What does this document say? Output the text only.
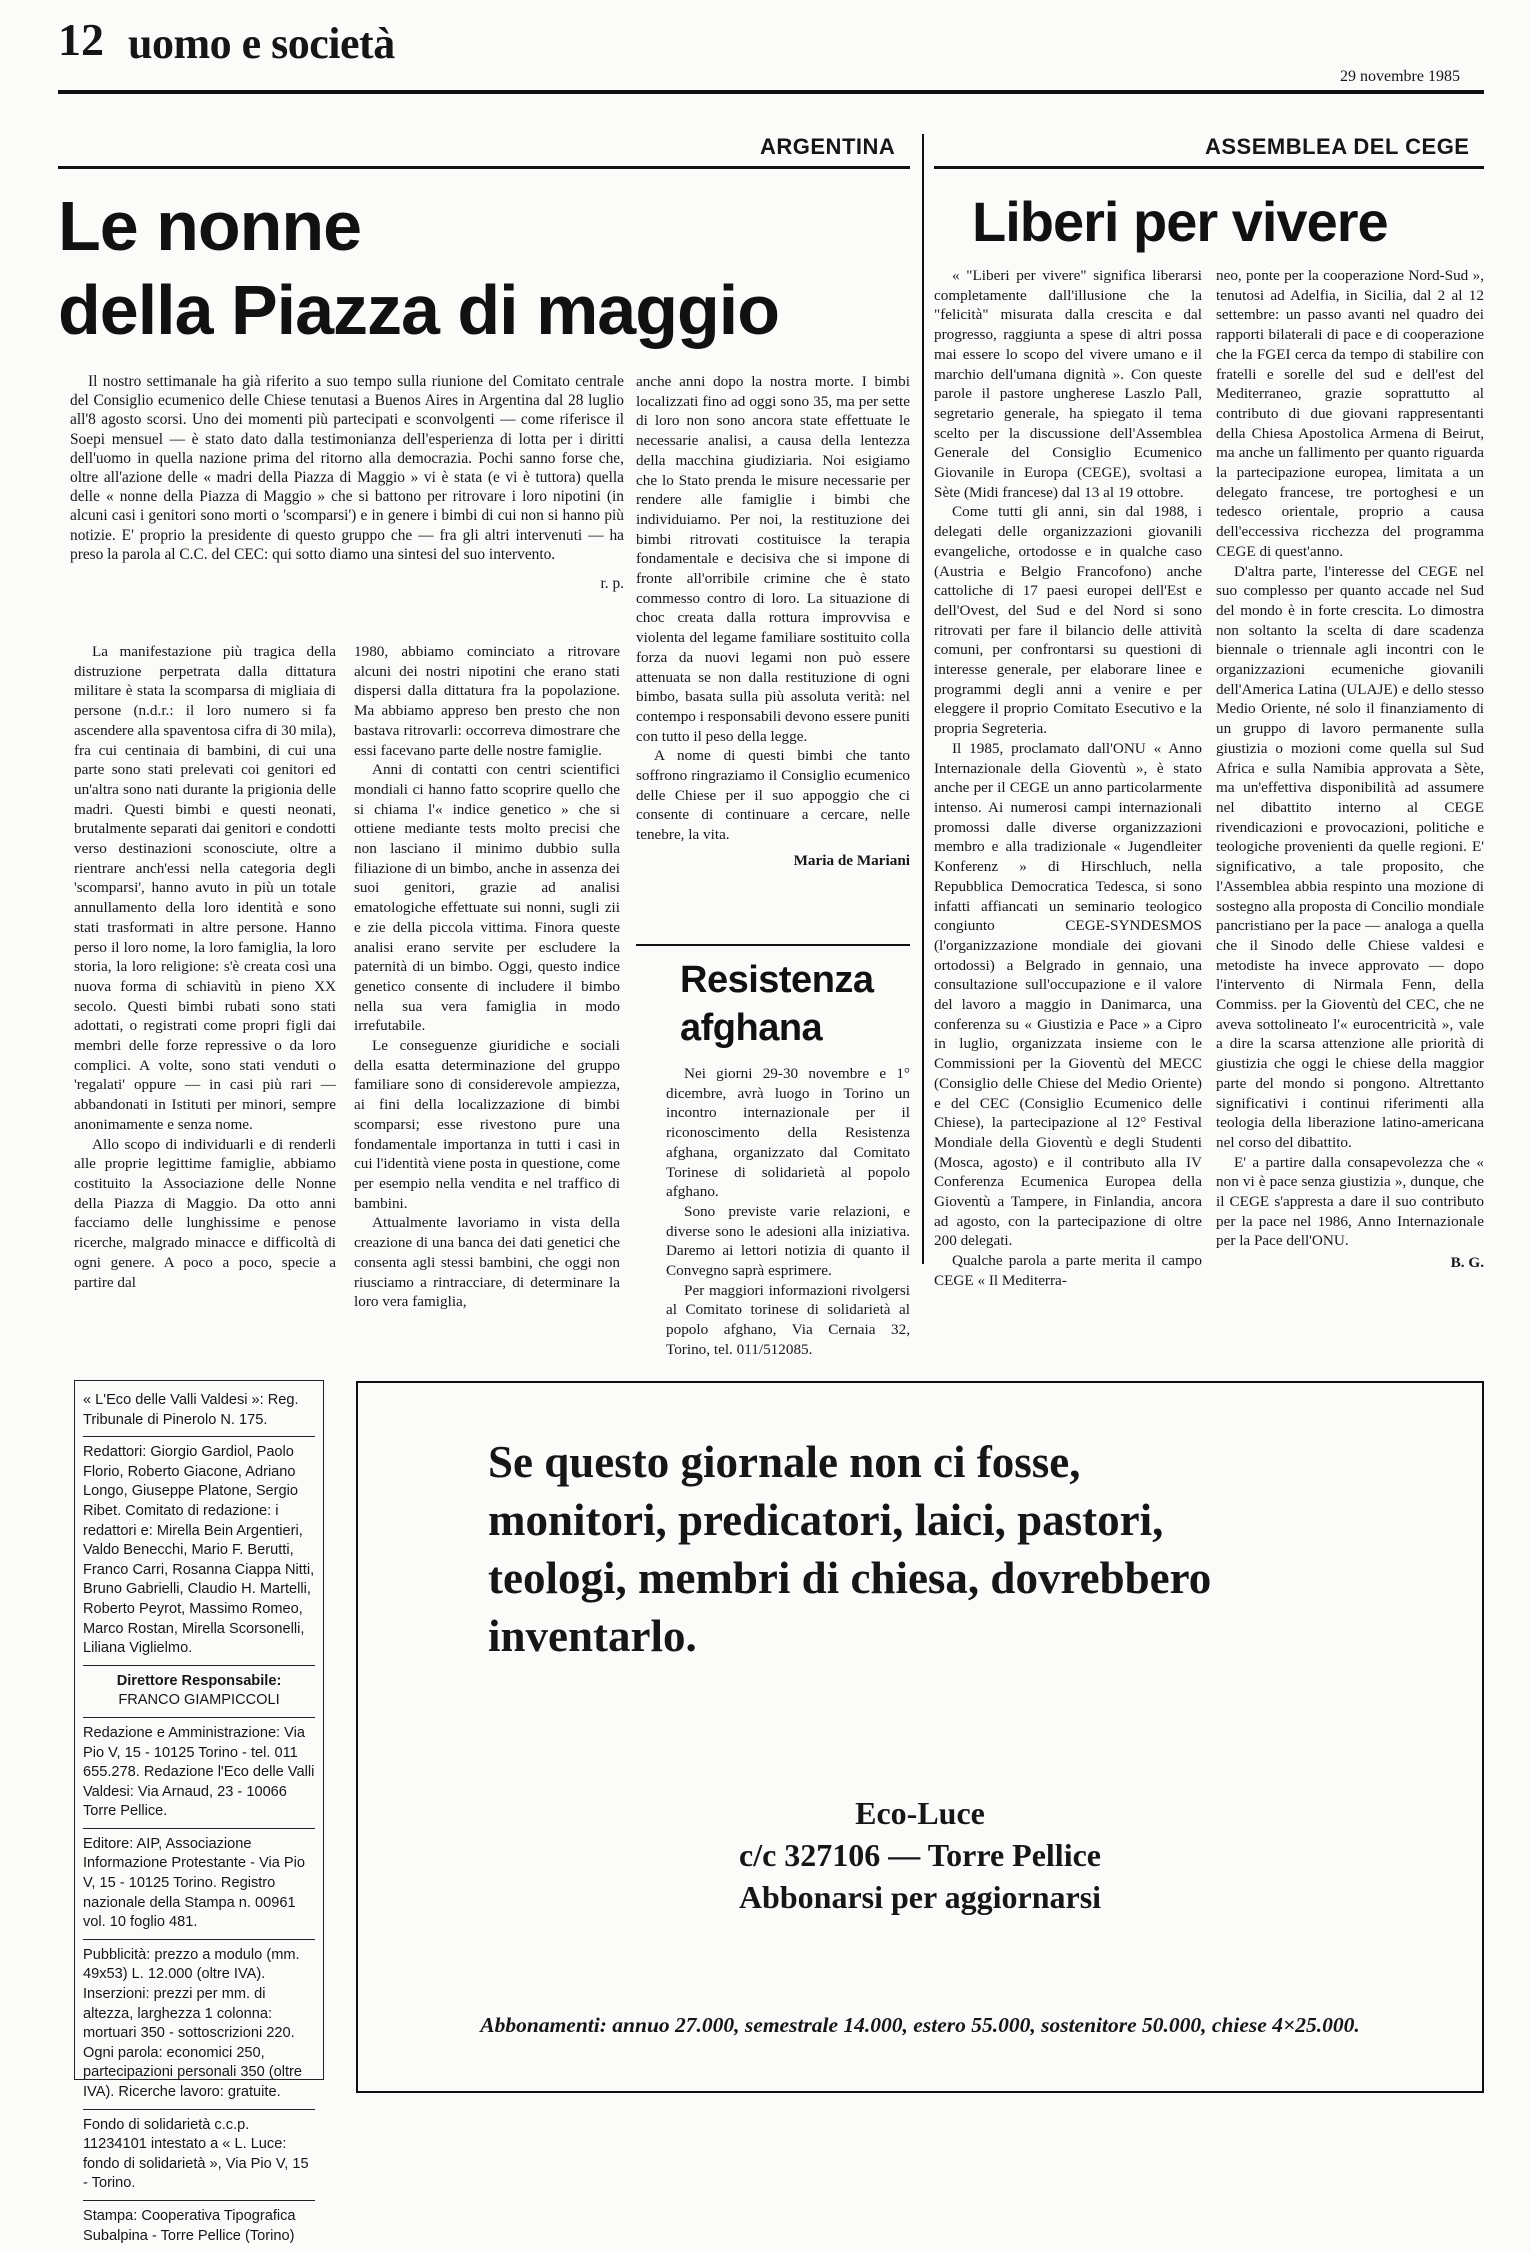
12 uomo e società
29 novembre 1985
ARGENTINA
Le nonne
della Piazza di maggio

Il nostro settimanale ha già riferito a suo tempo sulla riunione del Comitato centrale del Consiglio ecumenico delle Chiese tenutasi a Buenos Aires in Argentina dal 28 luglio all'8 agosto scorsi. Uno dei momenti più partecipati e sconvolgenti — come riferisce il Soepi mensuel — è stato dato dalla testimonianza dell'esperienza di lotta per i diritti dell'uomo in quella nazione prima del ritorno alla democrazia. Pochi sanno forse che, oltre all'azione delle « madri della Piazza di Maggio » vi è stata (e vi è tuttora) quella delle « nonne della Piazza di Maggio » che si battono per ritrovare i loro nipotini (in alcuni casi i genitori sono morti o 'scomparsi') e in genere i bimbi di cui non si hanno più notizie. E' proprio la presidente di questo gruppo che — fra gli altri intervenuti — ha preso la parola al C.C. del CEC: qui sotto diamo una sintesi del suo intervento.

r. p.

La manifestazione più tragica della distruzione perpetrata dalla dittatura militare è stata la scomparsa di migliaia di persone (n.d.r.: il loro numero si fa ascendere alla spaventosa cifra di 30 mila), fra cui centinaia di bambini, di cui una parte sono stati prelevati coi genitori ed un'altra sono nati durante la prigionia delle madri. Questi bimbi e questi neonati, brutalmente separati dai genitori e condotti verso destinazioni sconosciute, oltre a rientrare anch'essi nella categoria degli 'scomparsi', hanno avuto in più un totale annullamento della loro identità e sono stati trasformati in altre persone. Hanno perso il loro nome, la loro famiglia, la loro storia, la loro religione: s'è creata così una nuova forma di schiavitù in pieno XX secolo. Questi bimbi rubati sono stati adottati, o registrati come propri figli dai membri delle forze repressive o da loro complici. A volte, sono stati venduti o 'regalati' oppure — in casi più rari — abbandonati in Istituti per minori, sempre anonimamente e senza nome.

Allo scopo di individuarli e di renderli alle proprie legittime famiglie, abbiamo costituito la Associazione delle Nonne della Piazza di Maggio. Da otto anni facciamo delle lunghissime e penose ricerche, malgrado minacce e difficoltà di ogni genere. A poco a poco, specie a partire dal

1980, abbiamo cominciato a ritrovare alcuni dei nostri nipotini che erano stati dispersi dalla dittatura fra la popolazione. Ma abbiamo appreso ben presto che non bastava ritrovarli: occorreva dimostrare che essi facevano parte delle nostre famiglie.

Anni di contatti con centri scientifici mondiali ci hanno fatto scoprire quello che si chiama l'« indice genetico » che si ottiene mediante tests molto precisi che non lasciano il minimo dubbio sulla filiazione di un bimbo, anche in assenza dei suoi genitori, grazie ad analisi ematologiche effettuate sui nonni, sugli zii e zie della piccola vittima. Finora queste analisi erano servite per escludere la paternità di un bimbo. Oggi, questo indice genetico consente di includere il bimbo nella sua vera famiglia in modo irrefutabile.

Le conseguenze giuridiche e sociali della esatta determinazione del gruppo familiare sono di considerevole ampiezza, ai fini della localizzazione di bimbi scomparsi; esse rivestono pure una fondamentale importanza in tutti i casi in cui l'identità viene posta in questione, come per esempio nella vendita e nel traffico di bambini.

Attualmente lavoriamo in vista della creazione di una banca dei dati genetici che consenta agli stessi bambini, che oggi non riusciamo a rintracciare, di determinare la loro vera famiglia,

anche anni dopo la nostra morte. I bimbi localizzati fino ad oggi sono 35, ma per sette di loro non sono ancora state effettuate le necessarie analisi, a causa della lentezza della macchina giudiziaria. Noi esigiamo che lo Stato prenda le misure necessarie per rendere alle famiglie i bimbi che individuiamo. Per noi, la restituzione dei bimbi ritrovati costituisce la terapia fondamentale e decisiva che si impone di fronte all'orribile crimine che è stato commesso contro di loro. La situazione di choc creata dalla rottura improvvisa e violenta del legame familiare sostituito colla forza da nuovi legami non può essere attenuata se non dalla restituzione di ogni bimbo, basata sulla più assoluta verità: nel contempo i responsabili devono essere puniti con tutto il peso della legge.

A nome di questi bimbi che tanto soffrono ringraziamo il Consiglio ecumenico delle Chiese per il suo appoggio che ci consente di continuare a cercare, nelle tenebre, la vita.

Maria de Mariani
Resistenza
afghana

Nei giorni 29-30 novembre e 1° dicembre, avrà luogo in Torino un incontro internazionale per il riconoscimento della Resistenza afghana, organizzato dal Comitato Torinese di solidarietà al popolo afghano.

Sono previste varie relazioni, e diverse sono le adesioni alla iniziativa. Daremo ai lettori notizia di quanto il Convegno saprà esprimere.

Per maggiori informazioni rivolgersi al Comitato torinese di solidarietà al popolo afghano, Via Cernaia 32, Torino, tel. 011/512085.

ASSEMBLEA DEL CEGE
Liberi per vivere

« "Liberi per vivere" significa liberarsi completamente dall'illusione che la "felicità" misurata dalla crescita e dal progresso, raggiunta a spese di altri possa mai essere lo scopo del vivere umano e il marchio dell'umana dignità ». Con queste parole il pastore ungherese Laszlo Pall, segretario generale, ha spiegato il tema scelto per la discussione dell'Assemblea Generale del Consiglio Ecumenico Giovanile in Europa (CEGE), svoltasi a Sète (Midi francese) dal 13 al 19 ottobre.

Come tutti gli anni, sin dal 1988, i delegati delle organizzazioni giovanili evangeliche, ortodosse e in qualche caso (Austria e Belgio Francofono) anche cattoliche di 17 paesi europei dell'Est e dell'Ovest, del Sud e del Nord si sono ritrovati per fare il bilancio delle attività comuni, per confrontarsi su questioni di interesse generale, per elaborare linee e programmi degli anni a venire e per eleggere il proprio Comitato Esecutivo e la propria Segreteria.

Il 1985, proclamato dall'ONU « Anno Internazionale della Gioventù », è stato anche per il CEGE un anno particolarmente intenso. Ai numerosi campi internazionali promossi dalle diverse organizzazioni membro e alla tradizionale « Jugendleiter Konferenz » di Hirschluch, nella Repubblica Democratica Tedesca, si sono infatti affiancati un seminario teologico congiunto CEGE-SYNDESMOS (l'organizzazione mondiale dei giovani ortodossi) a Belgrado in gennaio, una consultazione sull'occupazione e il valore del lavoro a maggio in Danimarca, una conferenza su « Giustizia e Pace » a Cipro in luglio, organizzata insieme con le Commissioni per la Gioventù del MECC (Consiglio delle Chiese del Medio Oriente) e del CEC (Consiglio Ecumenico delle Chiese), la partecipazione al 12° Festival Mondiale della Gioventù e degli Studenti (Mosca, agosto) e il contributo alla IV Conferenza Ecumenica Europea della Gioventù a Tampere, in Finlandia, ancora ad agosto, con la partecipazione di oltre 200 delegati.

Qualche parola a parte merita il campo CEGE « Il Mediterra-

neo, ponte per la cooperazione Nord-Sud », tenutosi ad Adelfia, in Sicilia, dal 2 al 12 settembre: un passo avanti nel quadro dei rapporti bilaterali di pace e di cooperazione che la FGEI cerca da tempo di stabilire con fratelli e sorelle del sud e dell'est del Mediterraneo, grazie soprattutto al contributo di due giovani rappresentanti della Chiesa Apostolica Armena di Beirut, ma anche un fallimento per quanto riguarda la partecipazione europea, limitata a un delegato francese, tre portoghesi e un tedesco orientale, proprio a causa dell'eccessiva ricchezza del programma CEGE di quest'anno.

D'altra parte, l'interesse del CEGE nel suo complesso per quanto accade nel Sud del mondo è in forte crescita. Lo dimostra non soltanto la scelta di dare scadenza biennale o triennale agli incontri con le organizzazioni ecumeniche giovanili dell'America Latina (ULAJE) e dello stesso Medio Oriente, né solo il finanziamento di un gruppo di lavoro permanente sulla giustizia o mozioni come quella sul Sud Africa e sulla Namibia approvata a Sète, ma un'effettiva disponibilità ad assumere nel dibattito interno al CEGE rivendicazioni e provocazioni, politiche e teologiche provenienti da quelle regioni. E' significativo, a tale proposito, che l'Assemblea abbia respinto una mozione di sostegno alla proposta di Concilio mondiale pancristiano per la pace — analoga a quella che il Sinodo delle Chiese valdesi e metodiste ha invece approvato — dopo l'intervento di Nirmala Fenn, della Commiss. per la Gioventù del CEC, che ne aveva sottolineato l'« eurocentricità », vale a dire la scarsa attenzione alle priorità di giustizia che oggi le chiese della maggior parte del mondo si pongono. Altrettanto significativi i continui riferimenti alla teologia della liberazione latino-americana nel corso del dibattito.

E' a partire dalla consapevolezza che « non vi è pace senza giustizia », dunque, che il CEGE s'appresta a dare il suo contributo per la pace nel 1986, Anno Internazionale per la Pace dell'ONU.

B. G.
« L'Eco delle Valli Valdesi »: Reg. Tribunale di Pinerolo N. 175.
Redattori: Giorgio Gardiol, Paolo Florio, Roberto Giacone, Adriano Longo, Giuseppe Platone, Sergio Ribet. Comitato di redazione: i redattori e: Mirella Bein Argentieri, Valdo Benecchi, Mario F. Berutti, Franco Carri, Rosanna Ciappa Nitti, Bruno Gabrielli, Claudio H. Martelli, Roberto Peyrot, Massimo Romeo, Marco Rostan, Mirella Scorsonelli, Liliana Viglielmo.
Direttore Responsabile:
FRANCO GIAMPICCOLI
Redazione e Amministrazione: Via Pio V, 15 - 10125 Torino - tel. 011 655.278. Redazione l'Eco delle Valli Valdesi: Via Arnaud, 23 - 10066 Torre Pellice.
Editore: AIP, Associazione Informazione Protestante - Via Pio V, 15 - 10125 Torino. Registro nazionale della Stampa n. 00961 vol. 10 foglio 481.
Pubblicità: prezzo a modulo (mm. 49x53) L. 12.000 (oltre IVA). Inserzioni: prezzi per mm. di altezza, larghezza 1 colonna: mortuari 350 - sottoscrizioni 220. Ogni parola: economici 250, partecipazioni personali 350 (oltre IVA). Ricerche lavoro: gratuite.
Fondo di solidarietà c.c.p. 11234101 intestato a « L. Luce: fondo di solidarietà », Via Pio V, 15 - Torino.
Stampa: Cooperativa Tipografica Subalpina - Torre Pellice (Torino)
Se questo giornale non ci fosse,
monitori, predicatori, laici, pastori,
teologi, membri di chiesa, dovrebbero
inventarlo.
Eco-Luce
c/c 327106 — Torre Pellice
Abbonarsi per aggiornarsi
Abbonamenti: annuo 27.000, semestrale 14.000, estero 55.000, sostenitore 50.000, chiese 4×25.000.
